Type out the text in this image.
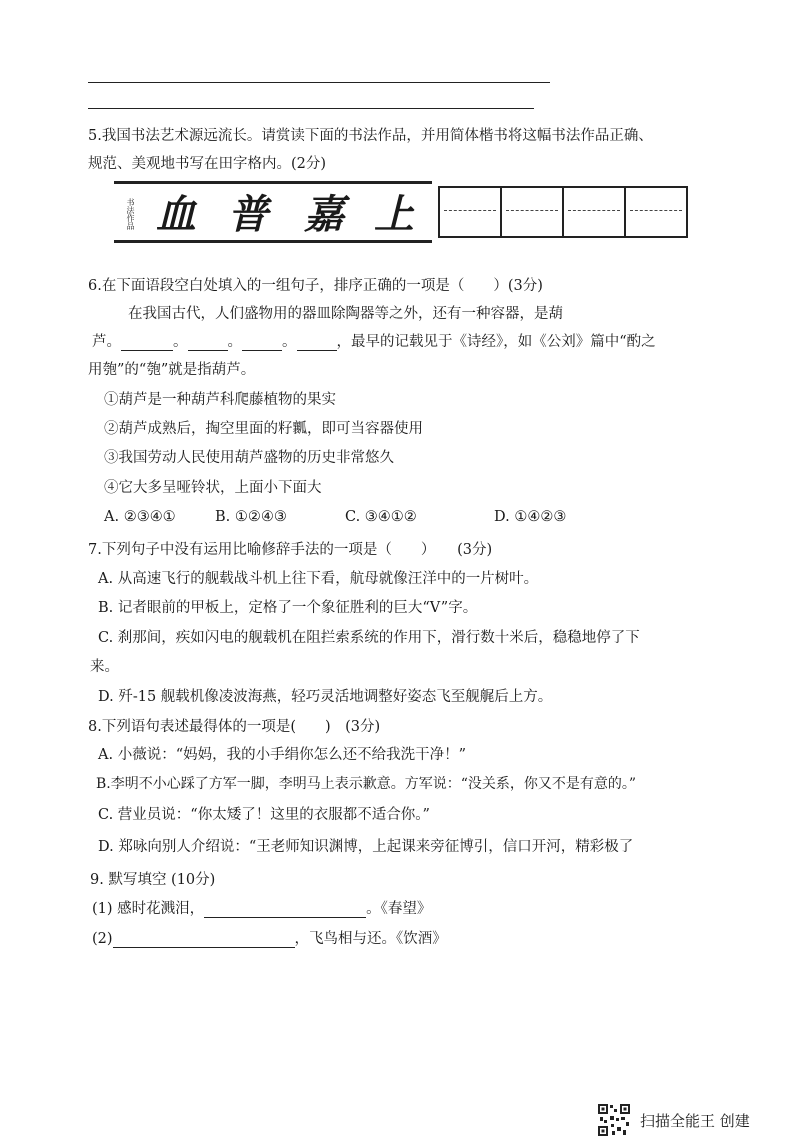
5.我国书法艺术源远流长。请赏读下面的书法作品，并用简体楷书将这幅书法作品正确、
规范、美观地书写在田字格内。(2分)
书法作品 血 普 嘉 上
6.在下面语段空白处填入的一组句子，排序正确的一项是（　　）(3分)
在我国古代，人们盛物用的器皿除陶器等之外，还有一种容器，是葫
芦。	。	。	。	，最早的记载见于《诗经》，如《公刘》篇中“酌之
用匏”的“匏”就是指葫芦。
①葫芦是一种葫芦科爬藤植物的果实
②葫芦成熟后，掏空里面的籽瓤，即可当容器使用
③我国劳动人民使用葫芦盛物的历史非常悠久
④它大多呈哑铃状，上面小下面大
A. ②③④①	B. ①②④③	C. ③④①②	D. ①④②③
7.下列句子中没有运用比喻修辞手法的一项是（　　）　　(3分)
A. 从高速飞行的舰载战斗机上往下看，航母就像汪洋中的一片树叶。
B. 记者眼前的甲板上，定格了一个象征胜利的巨大“V”字。
C. 刹那间，疾如闪电的舰载机在阻拦索系统的作用下，滑行数十米后，稳稳地停了下
来。
D. 歼-15 舰载机像凌波海燕，轻巧灵活地调整好姿态飞至舰艉后上方。
8.下列语句表述最得体的一项是(　　)　(3分)
A. 小薇说：“妈妈，我的小手绢你怎么还不给我洗干净！”
B.李明不小心踩了方军一脚，李明马上表示歉意。方军说：“没关系，你又不是有意的。”
C. 营业员说：“你太矮了！这里的衣服都不适合你。”
D. 郑咏向别人介绍说：“王老师知识渊博，上起课来旁征博引，信口开河，精彩极了
9. 默写填空 (10分)
(1) 感时花溅泪，	。《春望》
(2)	，飞鸟相与还。《饮酒》
扫描全能王 创建
